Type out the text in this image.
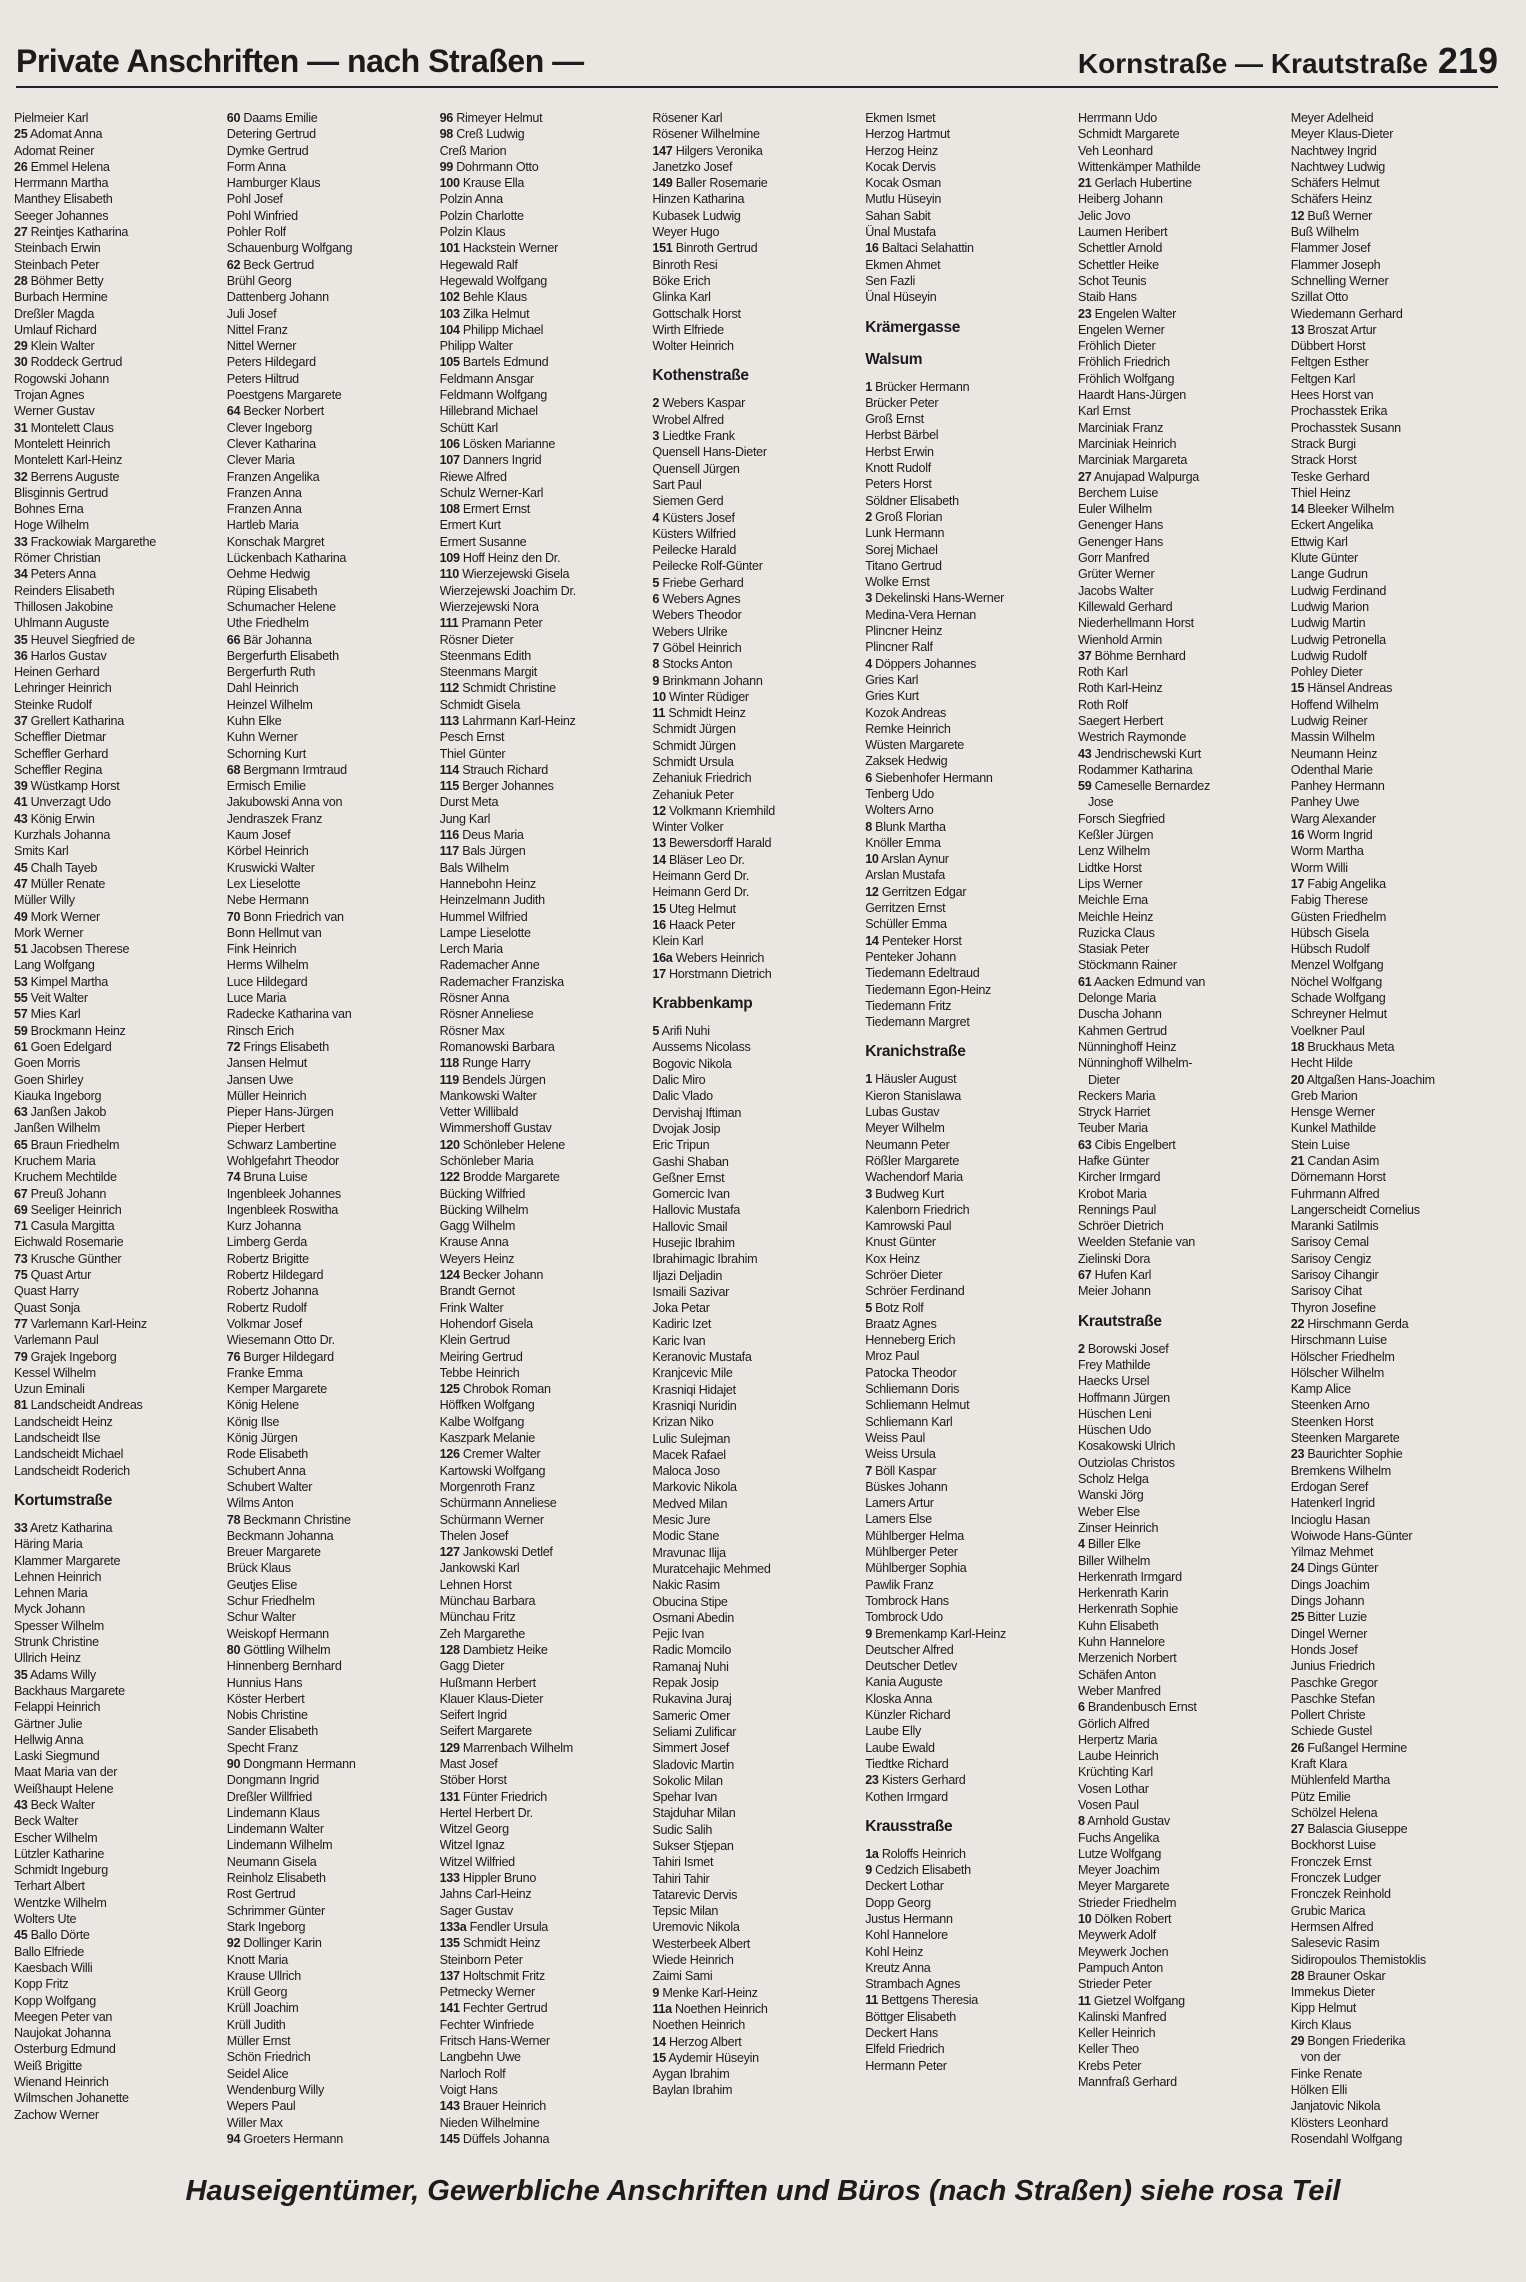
Private Anschriften — nach Straßen —	Kornstraße — Krautstraße 219
Pielmeier Karl
25 Adomat Anna
Adomat Reiner
26 Emmel Helena
Herrmann Martha
Manthey Elisabeth
Seeger Johannes
27 Reintjes Katharina
Steinbach Erwin
Steinbach Peter
28 Böhmer Betty
Burbach Hermine
Dreßler Magda
Umlauf Richard
29 Klein Walter
30 Roddeck Gertrud
Rogowski Johann
Trojan Agnes
Werner Gustav
31 Montelett Claus
Montelett Heinrich
Montelett Karl-Heinz
32 Berrens Auguste
Blisginnis Gertrud
Bohnes Erna
Hoge Wilhelm
33 Frackowiak Margarethe
Römer Christian
34 Peters Anna
Reinders Elisabeth
Thillosen Jakobine
Uhlmann Auguste
35 Heuvel Siegfried de
36 Harlos Gustav
Heinen Gerhard
Lehringer Heinrich
Steinke Rudolf
37 Grellert Katharina
Scheffler Dietmar
Scheffler Gerhard
Scheffler Regina
39 Wüstkamp Horst
41 Unverzagt Udo
43 König Erwin
Kurzhals Johanna
Smits Karl
45 Chalh Tayeb
47 Müller Renate
Müller Willy
49 Mork Werner
Mork Werner
51 Jacobsen Therese
Lang Wolfgang
53 Kimpel Martha
55 Veit Walter
57 Mies Karl
59 Brockmann Heinz
61 Goen Edelgard
Goen Morris
Goen Shirley
Kiauka Ingeborg
63 Janßen Jakob
Janßen Wilhelm
65 Braun Friedhelm
Kruchem Maria
Kruchem Mechtilde
67 Preuß Johann
69 Seeliger Heinrich
71 Casula Margitta
Eichwald Rosemarie
73 Krusche Günther
75 Quast Artur
Quast Harry
Quast Sonja
77 Varlemann Karl-Heinz
Varlemann Paul
79 Grajek Ingeborg
Kessel Wilhelm
Uzun Eminali
81 Landscheidt Andreas
Landscheidt Heinz
Landscheidt Ilse
Landscheidt Michael
Landscheidt Roderich
Kortumstraße
33 Aretz Katharina
Häring Maria
Klammer Margarete
Lehnen Heinrich
Lehnen Maria
Myck Johann
Spesser Wilhelm
Strunk Christine
Ullrich Heinz
35 Adams Willy
Backhaus Margarete
Felappi Heinrich
Gärtner Julie
Hellwig Anna
Laski Siegmund
Maat Maria van der
Weißhaupt Helene
43 Beck Walter
Beck Walter
Escher Wilhelm
Lützler Katharine
Schmidt Ingeburg
Terhart Albert
Wentzke Wilhelm
Wolters Ute
45 Ballo Dörte
Ballo Elfriede
Kaesbach Willi
Kopp Fritz
Kopp Wolfgang
Meegen Peter van
Naujokat Johanna
Osterburg Edmund
Weiß Brigitte
Wienand Heinrich
Wilmschen Johanette
Zachow Werner
60 Daams Emilie
Detering Gertrud
Dymke Gertrud
Form Anna
Hamburger Klaus
Pohl Josef
Pohl Winfried
Pohler Rolf
Schauenburg Wolfgang
62 Beck Gertrud
Brühl Georg
Dattenberg Johann
Juli Josef
Nittel Franz
Nittel Werner
Peters Hildegard
Peters Hiltrud
Poestgens Margarete
64 Becker Norbert
Clever Ingeborg
Clever Katharina
Clever Maria
Franzen Angelika
Franzen Anna
Franzen Anna
Hartleb Maria
Konschak Margret
Lückenbach Katharina
Oehme Hedwig
Rüping Elisabeth
Schumacher Helene
Uthe Friedhelm
66 Bär Johanna
Bergerfurth Elisabeth
Bergerfurth Ruth
Dahl Heinrich
Heinzel Wilhelm
Kuhn Elke
Kuhn Werner
Schorning Kurt
68 Bergmann Irmtraud
Ermisch Emilie
Jakubowski Anna von
Jendraszek Franz
Kaum Josef
Körbel Heinrich
Kruswicki Walter
Lex Lieselotte
Nebe Hermann
70 Bonn Friedrich van
Bonn Hellmut van
Fink Heinrich
Herms Wilhelm
Luce Hildegard
Luce Maria
Radecke Katharina van
Rinsch Erich
72 Frings Elisabeth
Jansen Helmut
Jansen Uwe
Müller Heinrich
Pieper Hans-Jürgen
Pieper Herbert
Schwarz Lambertine
Wohlgefahrt Theodor
74 Bruna Luise
Ingenbleek Johannes
Ingenbleek Roswitha
Kurz Johanna
Limberg Gerda
Robertz Brigitte
Robertz Hildegard
Robertz Johanna
Robertz Rudolf
Volkmar Josef
Wiesemann Otto Dr.
76 Burger Hildegard
Franke Emma
Kemper Margarete
König Helene
König Ilse
König Jürgen
Rode Elisabeth
Schubert Anna
Schubert Walter
Wilms Anton
78 Beckmann Christine
Beckmann Johanna
Breuer Margarete
Brück Klaus
Geutjes Elise
Schur Friedhelm
Schur Walter
Weiskopf Hermann
80 Göttling Wilhelm
Hinnenberg Bernhard
Hunnius Hans
Köster Herbert
Nobis Christine
Sander Elisabeth
Specht Franz
90 Dongmann Hermann
Dongmann Ingrid
Dreßler Willfried
Lindemann Klaus
Lindemann Walter
Lindemann Wilhelm
Neumann Gisela
Reinholz Elisabeth
Rost Gertrud
Schrimmer Günter
Stark Ingeborg
92 Dollinger Karin
Knott Maria
Krause Ullrich
Krüll Georg
Krüll Joachim
Krüll Judith
Müller Ernst
Schön Friedrich
Seidel Alice
Wendenburg Willy
Wepers Paul
Willer Max
94 Groeters Hermann
96 Rimeyer Helmut
98 Creß Ludwig
Creß Marion
99 Dohrmann Otto
100 Krause Ella
Polzin Anna
Polzin Charlotte
Polzin Klaus
101 Hackstein Werner
Hegewald Ralf
Hegewald Wolfgang
102 Behle Klaus
103 Zilka Helmut
104 Philipp Michael
Philipp Walter
105 Bartels Edmund
Feldmann Ansgar
Feldmann Wolfgang
Hillebrand Michael
Schütt Karl
106 Lösken Marianne
107 Danners Ingrid
Riewe Alfred
Schulz Werner-Karl
108 Ermert Ernst
Ermert Kurt
Ermert Susanne
109 Hoff Heinz den Dr.
110 Wierzejewski Gisela
Wierzejewski Joachim Dr.
Wierzejewski Nora
111 Pramann Peter
Rösner Dieter
Steenmans Edith
Steenmans Margit
112 Schmidt Christine
Schmidt Gisela
113 Lahrmann Karl-Heinz
Pesch Ernst
Thiel Günter
114 Strauch Richard
115 Berger Johannes
Durst Meta
Jung Karl
116 Deus Maria
117 Bals Jürgen
Bals Wilhelm
Hannebohn Heinz
Heinzelmann Judith
Hummel Wilfried
Lampe Lieselotte
Lerch Maria
Rademacher Anne
Rademacher Franziska
Rösner Anna
Rösner Anneliese
Rösner Max
Romanowski Barbara
118 Runge Harry
119 Bendels Jürgen
Mankowski Walter
Vetter Willibald
Wimmershoff Gustav
120 Schönleber Helene
Schönleber Maria
122 Brodde Margarete
Bücking Wilfried
Bücking Wilhelm
Gagg Wilhelm
Krause Anna
Weyers Heinz
124 Becker Johann
Brandt Gernot
Frink Walter
Hohendorf Gisela
Klein Gertrud
Meiring Gertrud
Tebbe Heinrich
125 Chrobok Roman
Höffken Wolfgang
Kalbe Wolfgang
Kaszpark Melanie
126 Cremer Walter
Kartowski Wolfgang
Morgenroth Franz
Schürmann Anneliese
Schürmann Werner
Thelen Josef
127 Jankowski Detlef
Jankowski Karl
Lehnen Horst
Münchau Barbara
Münchau Fritz
Zeh Margarethe
128 Dambietz Heike
Gagg Dieter
Hußmann Herbert
Klauer Klaus-Dieter
Seifert Ingrid
Seifert Margarete
129 Marrenbach Wilhelm
Mast Josef
Stöber Horst
131 Fünter Friedrich
Hertel Herbert Dr.
Witzel Georg
Witzel Ignaz
Witzel Wilfried
133 Hippler Bruno
Jahns Carl-Heinz
Sager Gustav
133a Fendler Ursula
135 Schmidt Heinz
Steinborn Peter
137 Holtschmit Fritz
Petmecky Werner
141 Fechter Gertrud
Fechter Winfriede
Fritsch Hans-Werner
Langbehn Uwe
Narloch Rolf
Voigt Hans
143 Brauer Heinrich
Nieden Wilhelmine
145 Düffels Johanna
Rösener Karl
Rösener Wilhelmine
147 Hilgers Veronika
Janetzko Josef
149 Baller Rosemarie
Hinzen Katharina
Kubasek Ludwig
Weyer Hugo
151 Binroth Gertrud
Binroth Resi
Böke Erich
Glinka Karl
Gottschalk Horst
Wirth Elfriede
Wolter Heinrich
Kothenstraße
2 Webers Kaspar
Wrobel Alfred
3 Liedtke Frank
Quensell Hans-Dieter
Quensell Jürgen
Sart Paul
Siemen Gerd
4 Küsters Josef
Küsters Wilfried
Peilecke Harald
Peilecke Rolf-Günter
5 Friebe Gerhard
6 Webers Agnes
Webers Theodor
Webers Ulrike
7 Göbel Heinrich
8 Stocks Anton
9 Brinkmann Johann
10 Winter Rüdiger
11 Schmidt Heinz
Schmidt Jürgen
Schmidt Jürgen
Schmidt Ursula
Zehaniuk Friedrich
Zehaniuk Peter
12 Volkmann Kriemhild
Winter Volker
13 Bewersdorff Harald
14 Bläser Leo Dr.
Heimann Gerd Dr.
Heimann Gerd Dr.
15 Uteg Helmut
16 Haack Peter
Klein Karl
16a Webers Heinrich
17 Horstmann Dietrich
Krabbenkamp
5 Arifi Nuhi
Aussems Nicolass
Bogovic Nikola
Dalic Miro
Dalic Vlado
Dervishaj Iftiman
Dvojak Josip
Eric Tripun
Gashi Shaban
Geßner Ernst
Gomercic Ivan
Hallovic Mustafa
Hallovic Smail
Husejic Ibrahim
Ibrahimagic Ibrahim
Iljazi Deljadin
Ismaili Sazivar
Joka Petar
Kadiric Izet
Karic Ivan
Keranovic Mustafa
Kranjcevic Mile
Krasniqi Hidajet
Krasniqi Nuridin
Krizan Niko
Lulic Sulejman
Macek Rafael
Maloca Joso
Markovic Nikola
Medved Milan
Mesic Jure
Modic Stane
Mravunac Ilija
Muratcehajic Mehmed
Nakic Rasim
Obucina Stipe
Osmani Abedin
Pejic Ivan
Radic Momcilo
Ramanaj Nuhi
Repak Josip
Rukavina Juraj
Sameric Omer
Seliami Zulificar
Simmert Josef
Sladovic Martin
Sokolic Milan
Spehar Ivan
Stajduhar Milan
Sudic Salih
Sukser Stjepan
Tahiri Ismet
Tahiri Tahir
Tatarevic Dervis
Tepsic Milan
Uremovic Nikola
Westerbeek Albert
Wiede Heinrich
Zaimi Sami
9 Menke Karl-Heinz
11a Noethen Heinrich
Noethen Heinrich
14 Herzog Albert
15 Aydemir Hüseyin
Aygan Ibrahim
Baylan Ibrahim
Ekmen Ismet
Herzog Hartmut
Herzog Heinz
Kocak Dervis
Kocak Osman
Mutlu Hüseyin
Sahan Sabit
Ünal Mustafa
16 Baltaci Selahattin
Ekmen Ahmet
Sen Fazli
Ünal Hüseyin
Krämergasse
Walsum
1 Brücker Hermann
Brücker Peter
Groß Ernst
Herbst Bärbel
Herbst Erwin
Knott Rudolf
Peters Horst
Söldner Elisabeth
2 Groß Florian
Lunk Hermann
Sorej Michael
Titano Gertrud
Wolke Ernst
3 Dekelinski Hans-Werner
Medina-Vera Hernan
Plincner Heinz
Plincner Ralf
4 Döppers Johannes
Gries Karl
Gries Kurt
Kozok Andreas
Remke Heinrich
Wüsten Margarete
Zaksek Hedwig
6 Siebenhofer Hermann
Tenberg Udo
Wolters Arno
8 Blunk Martha
Knöller Emma
10 Arslan Aynur
Arslan Mustafa
12 Gerritzen Edgar
Gerritzen Ernst
Schüller Emma
14 Penteker Horst
Penteker Johann
Tiedemann Edeltraud
Tiedemann Egon-Heinz
Tiedemann Fritz
Tiedemann Margret
Kranichstraße
1 Häusler August
Kieron Stanislawa
Lubas Gustav
Meyer Wilhelm
Neumann Peter
Rößler Margarete
Wachendorf Maria
3 Budweg Kurt
Kalenborn Friedrich
Kamrowski Paul
Knust Günter
Kox Heinz
Schröer Dieter
Schröer Ferdinand
5 Botz Rolf
Braatz Agnes
Henneberg Erich
Mroz Paul
Patocka Theodor
Schliemann Doris
Schliemann Helmut
Schliemann Karl
Weiss Paul
Weiss Ursula
7 Böll Kaspar
Büskes Johann
Lamers Artur
Lamers Else
Mühlberger Helma
Mühlberger Peter
Mühlberger Sophia
Pawlik Franz
Tombrock Hans
Tombrock Udo
9 Bremenkamp Karl-Heinz
Deutscher Alfred
Deutscher Detlev
Kania Auguste
Kloska Anna
Künzler Richard
Laube Elly
Laube Ewald
Tiedtke Richard
23 Kisters Gerhard
Kothen Irmgard
Krausstraße
1a Roloffs Heinrich
9 Cedzich Elisabeth
Deckert Lothar
Dopp Georg
Justus Hermann
Kohl Hannelore
Kohl Heinz
Kreutz Anna
Strambach Agnes
11 Bettgens Theresia
Böttger Elisabeth
Deckert Hans
Elfeld Friedrich
Hermann Peter
Herrmann Udo
Schmidt Margarete
Veh Leonhard
Wittenkämper Mathilde
21 Gerlach Hubertine
Heiberg Johann
Jelic Jovo
Laumen Heribert
Schettler Arnold
Schettler Heike
Schot Teunis
Staib Hans
23 Engelen Walter
Engelen Werner
Fröhlich Dieter
Fröhlich Friedrich
Fröhlich Wolfgang
Haardt Hans-Jürgen
Karl Ernst
Marciniak Franz
Marciniak Heinrich
Marciniak Margareta
27 Anujapad Walpurga
Berchem Luise
Euler Wilhelm
Genenger Hans
Genenger Hans
Gorr Manfred
Grüter Werner
Jacobs Walter
Killewald Gerhard
Niederhellmann Horst
Wienhold Armin
37 Böhme Bernhard
Roth Karl
Roth Karl-Heinz
Roth Rolf
Saegert Herbert
Westrich Raymonde
43 Jendrischewski Kurt
Rodammer Katharina
59 Cameselle Bernardez
Jose
Forsch Siegfried
Keßler Jürgen
Lenz Wilhelm
Lidtke Horst
Lips Werner
Meichle Erna
Meichle Heinz
Ruzicka Claus
Stasiak Peter
Stöckmann Rainer
61 Aacken Edmund van
Delonge Maria
Duscha Johann
Kahmen Gertrud
Nünninghoff Heinz
Nünninghoff Wilhelm-
Dieter
Reckers Maria
Stryck Harriet
Teuber Maria
63 Cibis Engelbert
Hafke Günter
Kircher Irmgard
Krobot Maria
Rennings Paul
Schröer Dietrich
Weelden Stefanie van
Zielinski Dora
67 Hufen Karl
Meier Johann
Krautstraße
2 Borowski Josef
Frey Mathilde
Haecks Ursel
Hoffmann Jürgen
Hüschen Leni
Hüschen Udo
Kosakowski Ulrich
Outziolas Christos
Scholz Helga
Wanski Jörg
Weber Else
Zinser Heinrich
4 Biller Elke
Biller Wilhelm
Herkenrath Irmgard
Herkenrath Karin
Herkenrath Sophie
Kuhn Elisabeth
Kuhn Hannelore
Merzenich Norbert
Schäfen Anton
Weber Manfred
6 Brandenbusch Ernst
Görlich Alfred
Herpertz Maria
Laube Heinrich
Krüchting Karl
Vosen Lothar
Vosen Paul
8 Arnhold Gustav
Fuchs Angelika
Lutze Wolfgang
Meyer Joachim
Meyer Margarete
Strieder Friedhelm
10 Dölken Robert
Meywerk Adolf
Meywerk Jochen
Pampuch Anton
Strieder Peter
11 Gietzel Wolfgang
Kalinski Manfred
Keller Heinrich
Keller Theo
Krebs Peter
Mannfraß Gerhard
Meyer Adelheid
Meyer Klaus-Dieter
Nachtwey Ingrid
Nachtwey Ludwig
Schäfers Helmut
Schäfers Heinz
12 Buß Werner
Buß Wilhelm
Flammer Josef
Flammer Joseph
Schnelling Werner
Szillat Otto
Wiedemann Gerhard
13 Broszat Artur
Dübbert Horst
Feltgen Esther
Feltgen Karl
Hees Horst van
Prochasstek Erika
Prochasstek Susann
Strack Burgi
Strack Horst
Teske Gerhard
Thiel Heinz
14 Bleeker Wilhelm
Eckert Angelika
Ettwig Karl
Klute Günter
Lange Gudrun
Ludwig Ferdinand
Ludwig Marion
Ludwig Martin
Ludwig Petronella
Ludwig Rudolf
Pohley Dieter
15 Hänsel Andreas
Hoffend Wilhelm
Ludwig Reiner
Massin Wilhelm
Neumann Heinz
Odenthal Marie
Panhey Hermann
Panhey Uwe
Warg Alexander
16 Worm Ingrid
Worm Martha
Worm Willi
17 Fabig Angelika
Fabig Therese
Güsten Friedhelm
Hübsch Gisela
Hübsch Rudolf
Menzel Wolfgang
Nöchel Wolfgang
Schade Wolfgang
Schreyner Helmut
Voelkner Paul
18 Bruckhaus Meta
Hecht Hilde
20 Altgaßen Hans-Joachim
Greb Marion
Hensge Werner
Kunkel Mathilde
Stein Luise
21 Candan Asim
Dörnemann Horst
Fuhrmann Alfred
Langerscheidt Cornelius
Maranki Satilmis
Sarisoy Cemal
Sarisoy Cengiz
Sarisoy Cihangir
Sarisoy Cihat
Thyron Josefine
22 Hirschmann Gerda
Hirschmann Luise
Hölscher Friedhelm
Hölscher Wilhelm
Kamp Alice
Steenken Arno
Steenken Horst
Steenken Margarete
23 Baurichter Sophie
Bremkens Wilhelm
Erdogan Seref
Hatenkerl Ingrid
Incioglu Hasan
Woiwode Hans-Günter
Yilmaz Mehmet
24 Dings Günter
Dings Joachim
Dings Johann
25 Bitter Luzie
Dingel Werner
Honds Josef
Junius Friedrich
Paschke Gregor
Paschke Stefan
Pollert Christe
Schiede Gustel
26 Fußangel Hermine
Kraft Klara
Mühlenfeld Martha
Pütz Emilie
Schölzel Helena
27 Balascia Giuseppe
Bockhorst Luise
Fronczek Ernst
Fronczek Ludger
Fronczek Reinhold
Grubic Marica
Hermsen Alfred
Salesevic Rasim
Sidiropoulos Themistoklis
28 Brauner Oskar
Immekus Dieter
Kipp Helmut
Kirch Klaus
29 Bongen Friederika
von der
Finke Renate
Hölken Elli
Janjatovic Nikola
Klösters Leonhard
Rosendahl Wolfgang
Hauseigentümer, Gewerbliche Anschriften und Büros (nach Straßen) siehe rosa Teil
